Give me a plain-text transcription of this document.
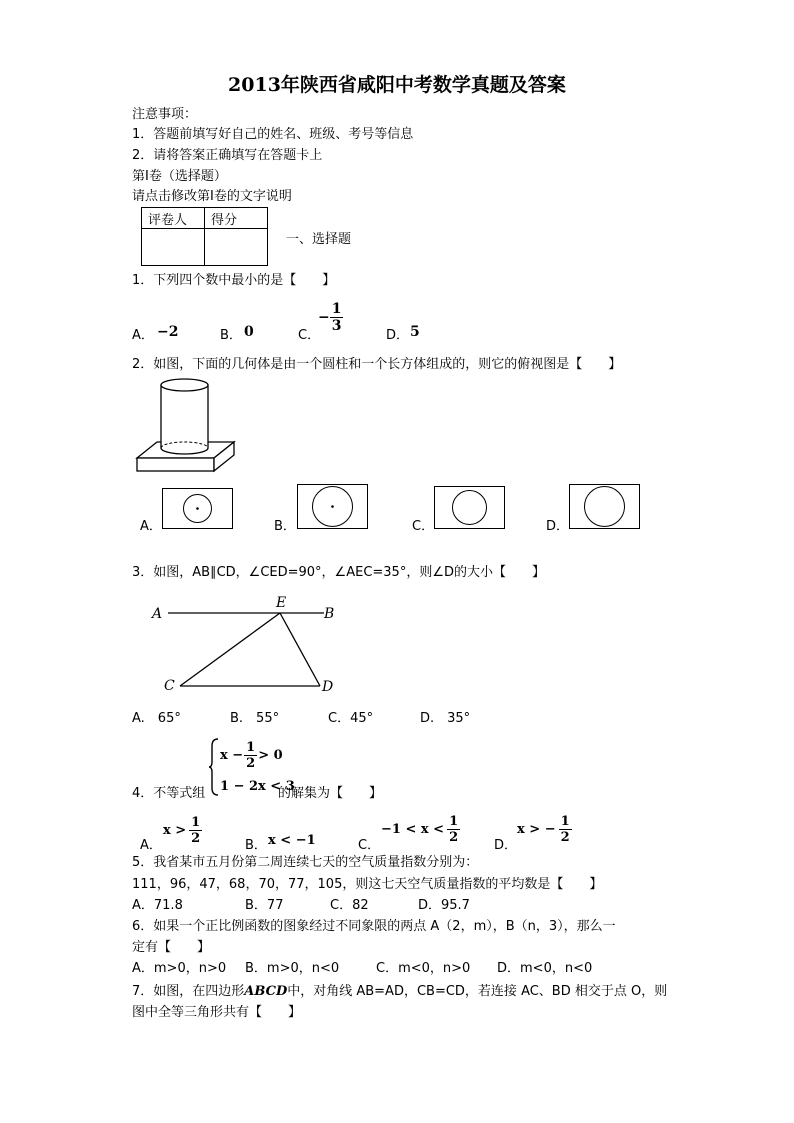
2013年陕西省咸阳中考数学真题及答案
注意事项：
1．答题前填写好自己的姓名、班级、考号等信息
2．请将答案正确填写在答题卡上
第Ⅰ卷（选择题）
请点击修改第Ⅰ卷的文字说明
评卷人	得分

一、选择题
1．下列四个数中最小的是【　　】
A． −2	B． 0	C．
− $\frac{1}{3}$
D． 5
2．如图，下面的几何体是由一个圆柱和一个长方体组成的，则它的俯视图是【　　】
A．	B．	C．	D．
3．如图，AB∥CD，∠CED=90°，∠AEC=35°，则∠D的大小【　　】
A
E
B
C	D
A.　65°	B.　55°	C．45°	D.　35°
4．不等式组
$x - \frac{1}{2} > 0$
1 − 2x < 3
的解集为【　　】
A．
$x > \frac{1}{2}$
B． x < −1	C．
$-1 < x < \frac{1}{2}$
D．
x > − $\frac{1}{2}$
5．我省某市五月份第二周连续七天的空气质量指数分别为：
111，96，47，68，70，77，105，则这七天空气质量指数的平均数是【　　】
A．71.8	B．77	C．82	D．95.7
6．如果一个正比例函数的图象经过不同象限的两点 A（2，m），B（n，3），那么一
定有【　　】
A．m>0，n>0 B．m>0，n<0	C．m<0，n>0 D．m<0，n<0
7．如图，在四边形ABCD中，对角线 AB=AD，CB=CD，若连接 AC、BD 相交于点 O，则
图中全等三角形共有【　　】
